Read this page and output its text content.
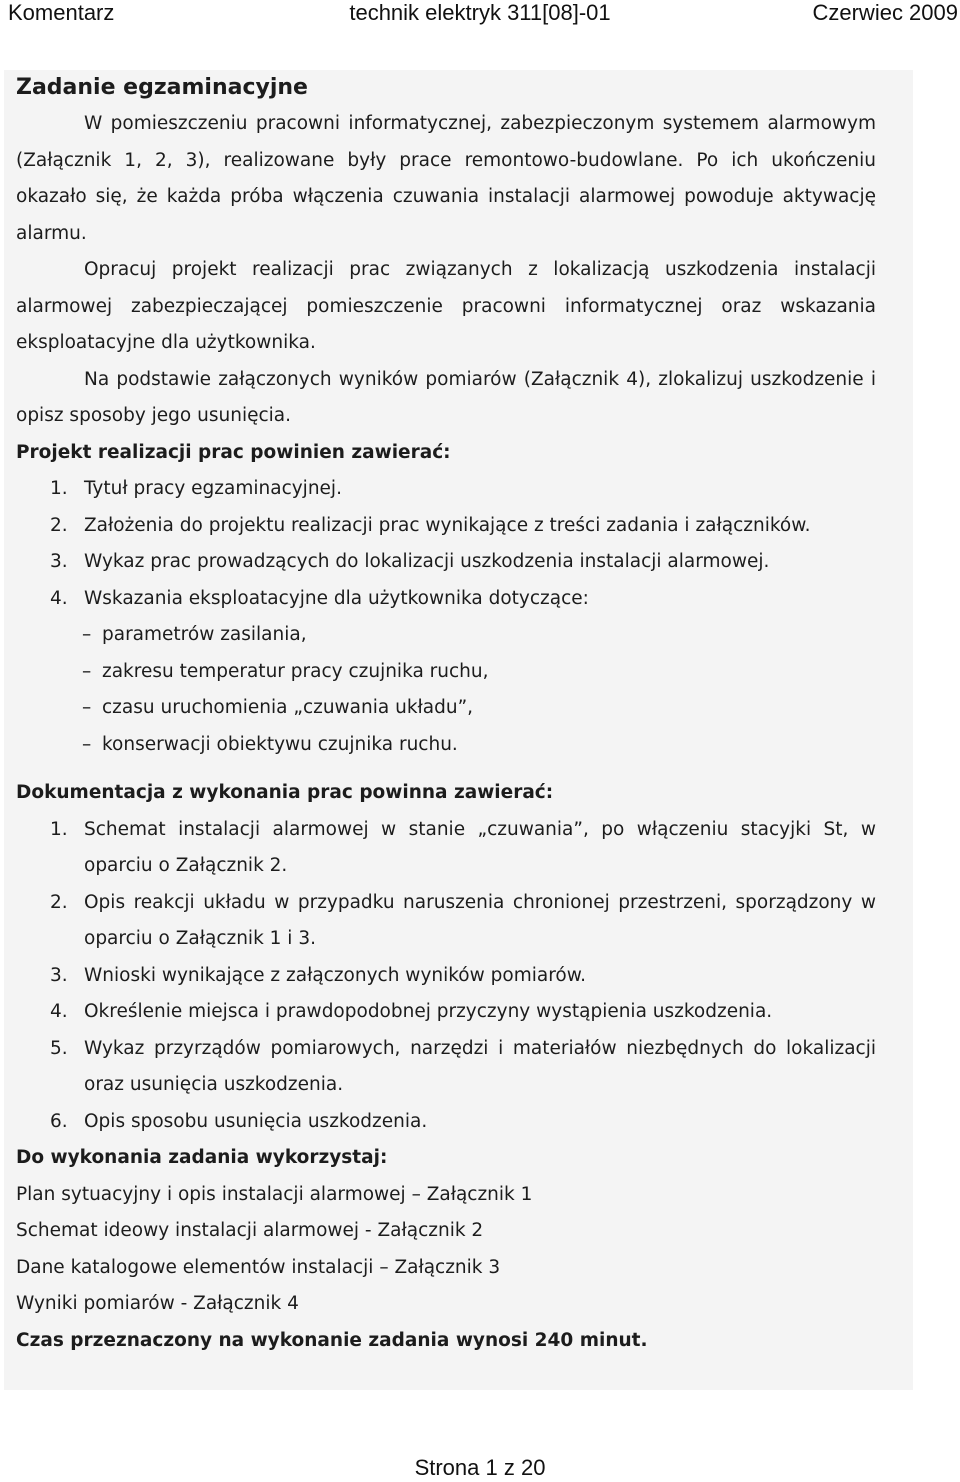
Komentarz	technik elektryk 311[08]-01	Czerwiec 2009

Zadanie egzaminacyjne

W pomieszczeniu pracowni informatycznej, zabezpieczonym systemem alarmowym (Załącznik 1, 2, 3), realizowane były prace remontowo-budowlane. Po ich ukończeniu okazało się, że każda próba włączenia czuwania instalacji alarmowej powoduje aktywację alarmu.

Opracuj projekt realizacji prac związanych z lokalizacją uszkodzenia instalacji alarmowej zabezpieczającej pomieszczenie pracowni informatycznej oraz wskazania eksploatacyjne dla użytkownika.

Na podstawie załączonych wyników pomiarów (Załącznik 4), zlokalizuj uszkodzenie i opisz sposoby jego usunięcia.

Projekt realizacji prac powinien zawierać:

1. Tytuł pracy egzaminacyjnej.
2. Założenia do projektu realizacji prac wynikające z treści zadania i załączników.
3. Wykaz prac prowadzących do lokalizacji uszkodzenia instalacji alarmowej.
4. Wskazania eksploatacyjne dla użytkownika dotyczące:
– parametrów zasilania,
– zakresu temperatur pracy czujnika ruchu,
– czasu uruchomienia „czuwania układu”,
– konserwacji obiektywu czujnika ruchu.

Dokumentacja z wykonania prac powinna zawierać:

1. Schemat instalacji alarmowej w stanie „czuwania”, po włączeniu stacyjki St, w oparciu o Załącznik 2.
2. Opis reakcji układu w przypadku naruszenia chronionej przestrzeni, sporządzony w oparciu o Załącznik 1 i 3.
3. Wnioski wynikające z załączonych wyników pomiarów.
4. Określenie miejsca i prawdopodobnej przyczyny wystąpienia uszkodzenia.
5. Wykaz przyrządów pomiarowych, narzędzi i materiałów niezbędnych do lokalizacji oraz usunięcia uszkodzenia.
6. Opis sposobu usunięcia uszkodzenia.

Do wykonania zadania wykorzystaj:

Plan sytuacyjny i opis instalacji alarmowej – Załącznik 1

Schemat ideowy instalacji alarmowej - Załącznik 2

Dane katalogowe elementów instalacji – Załącznik 3

Wyniki pomiarów - Załącznik 4

Czas przeznaczony na wykonanie zadania wynosi 240 minut.

Strona 1 z 20
